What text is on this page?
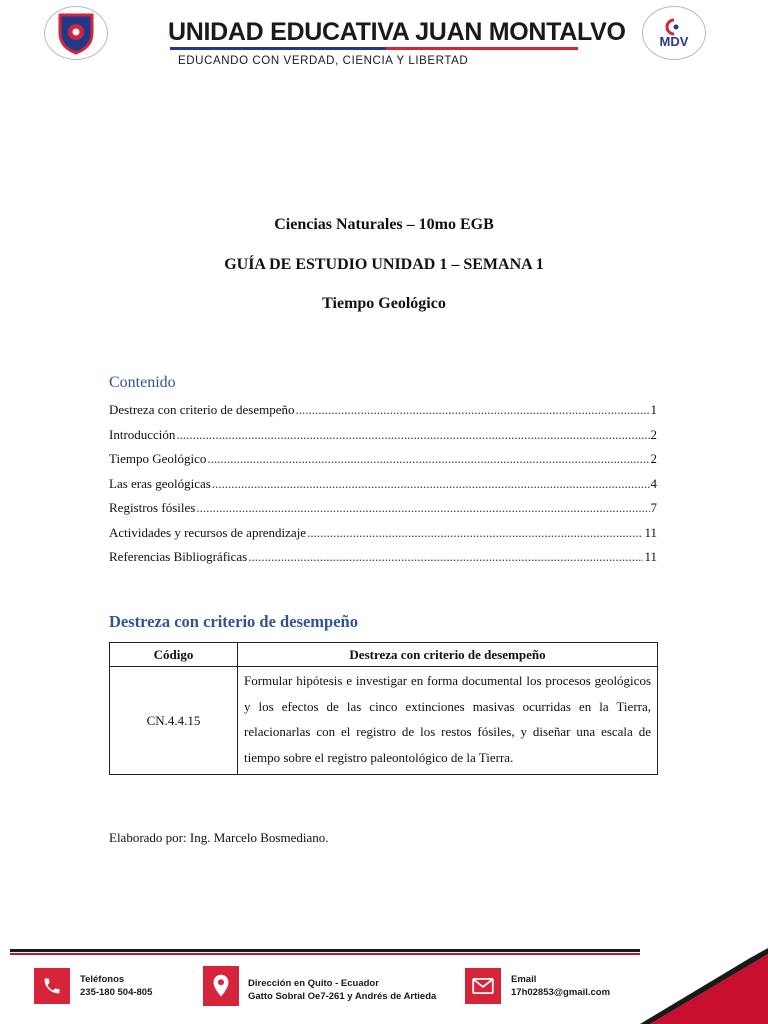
UNIDAD EDUCATIVA JUAN MONTALVO
EDUCANDO CON VERDAD, CIENCIA Y LIBERTAD
MDV
Ciencias Naturales – 10mo EGB
GUÍA DE ESTUDIO UNIDAD 1 – SEMANA 1
Tiempo Geológico
Contenido
Destreza con criterio de desempeño .....	1
Introducción .....	2
Tiempo Geológico .....	2
Las eras geológicas .....	4
Registros fósiles .....	7
Actividades y recursos de aprendizaje .....	11
Referencias Bibliográficas .....	11
Destreza con criterio de desempeño
Código	Destreza con criterio de desempeño
CN.4.4.15	Formular hipótesis e investigar en forma documental los procesos geológicos y los efectos de las cinco extinciones masivas ocurridas en la Tierra, relacionarlas con el registro de los restos fósiles, y diseñar una escala de tiempo sobre el registro paleontológico de la Tierra.
Elaborado por: Ing. Marcelo Bosmediano.
Teléfonos
235-180 504-805
Dirección en Quito - Ecuador
Gatto Sobral Oe7-261 y Andrés de Artieda
Email
17h02853@gmail.com
